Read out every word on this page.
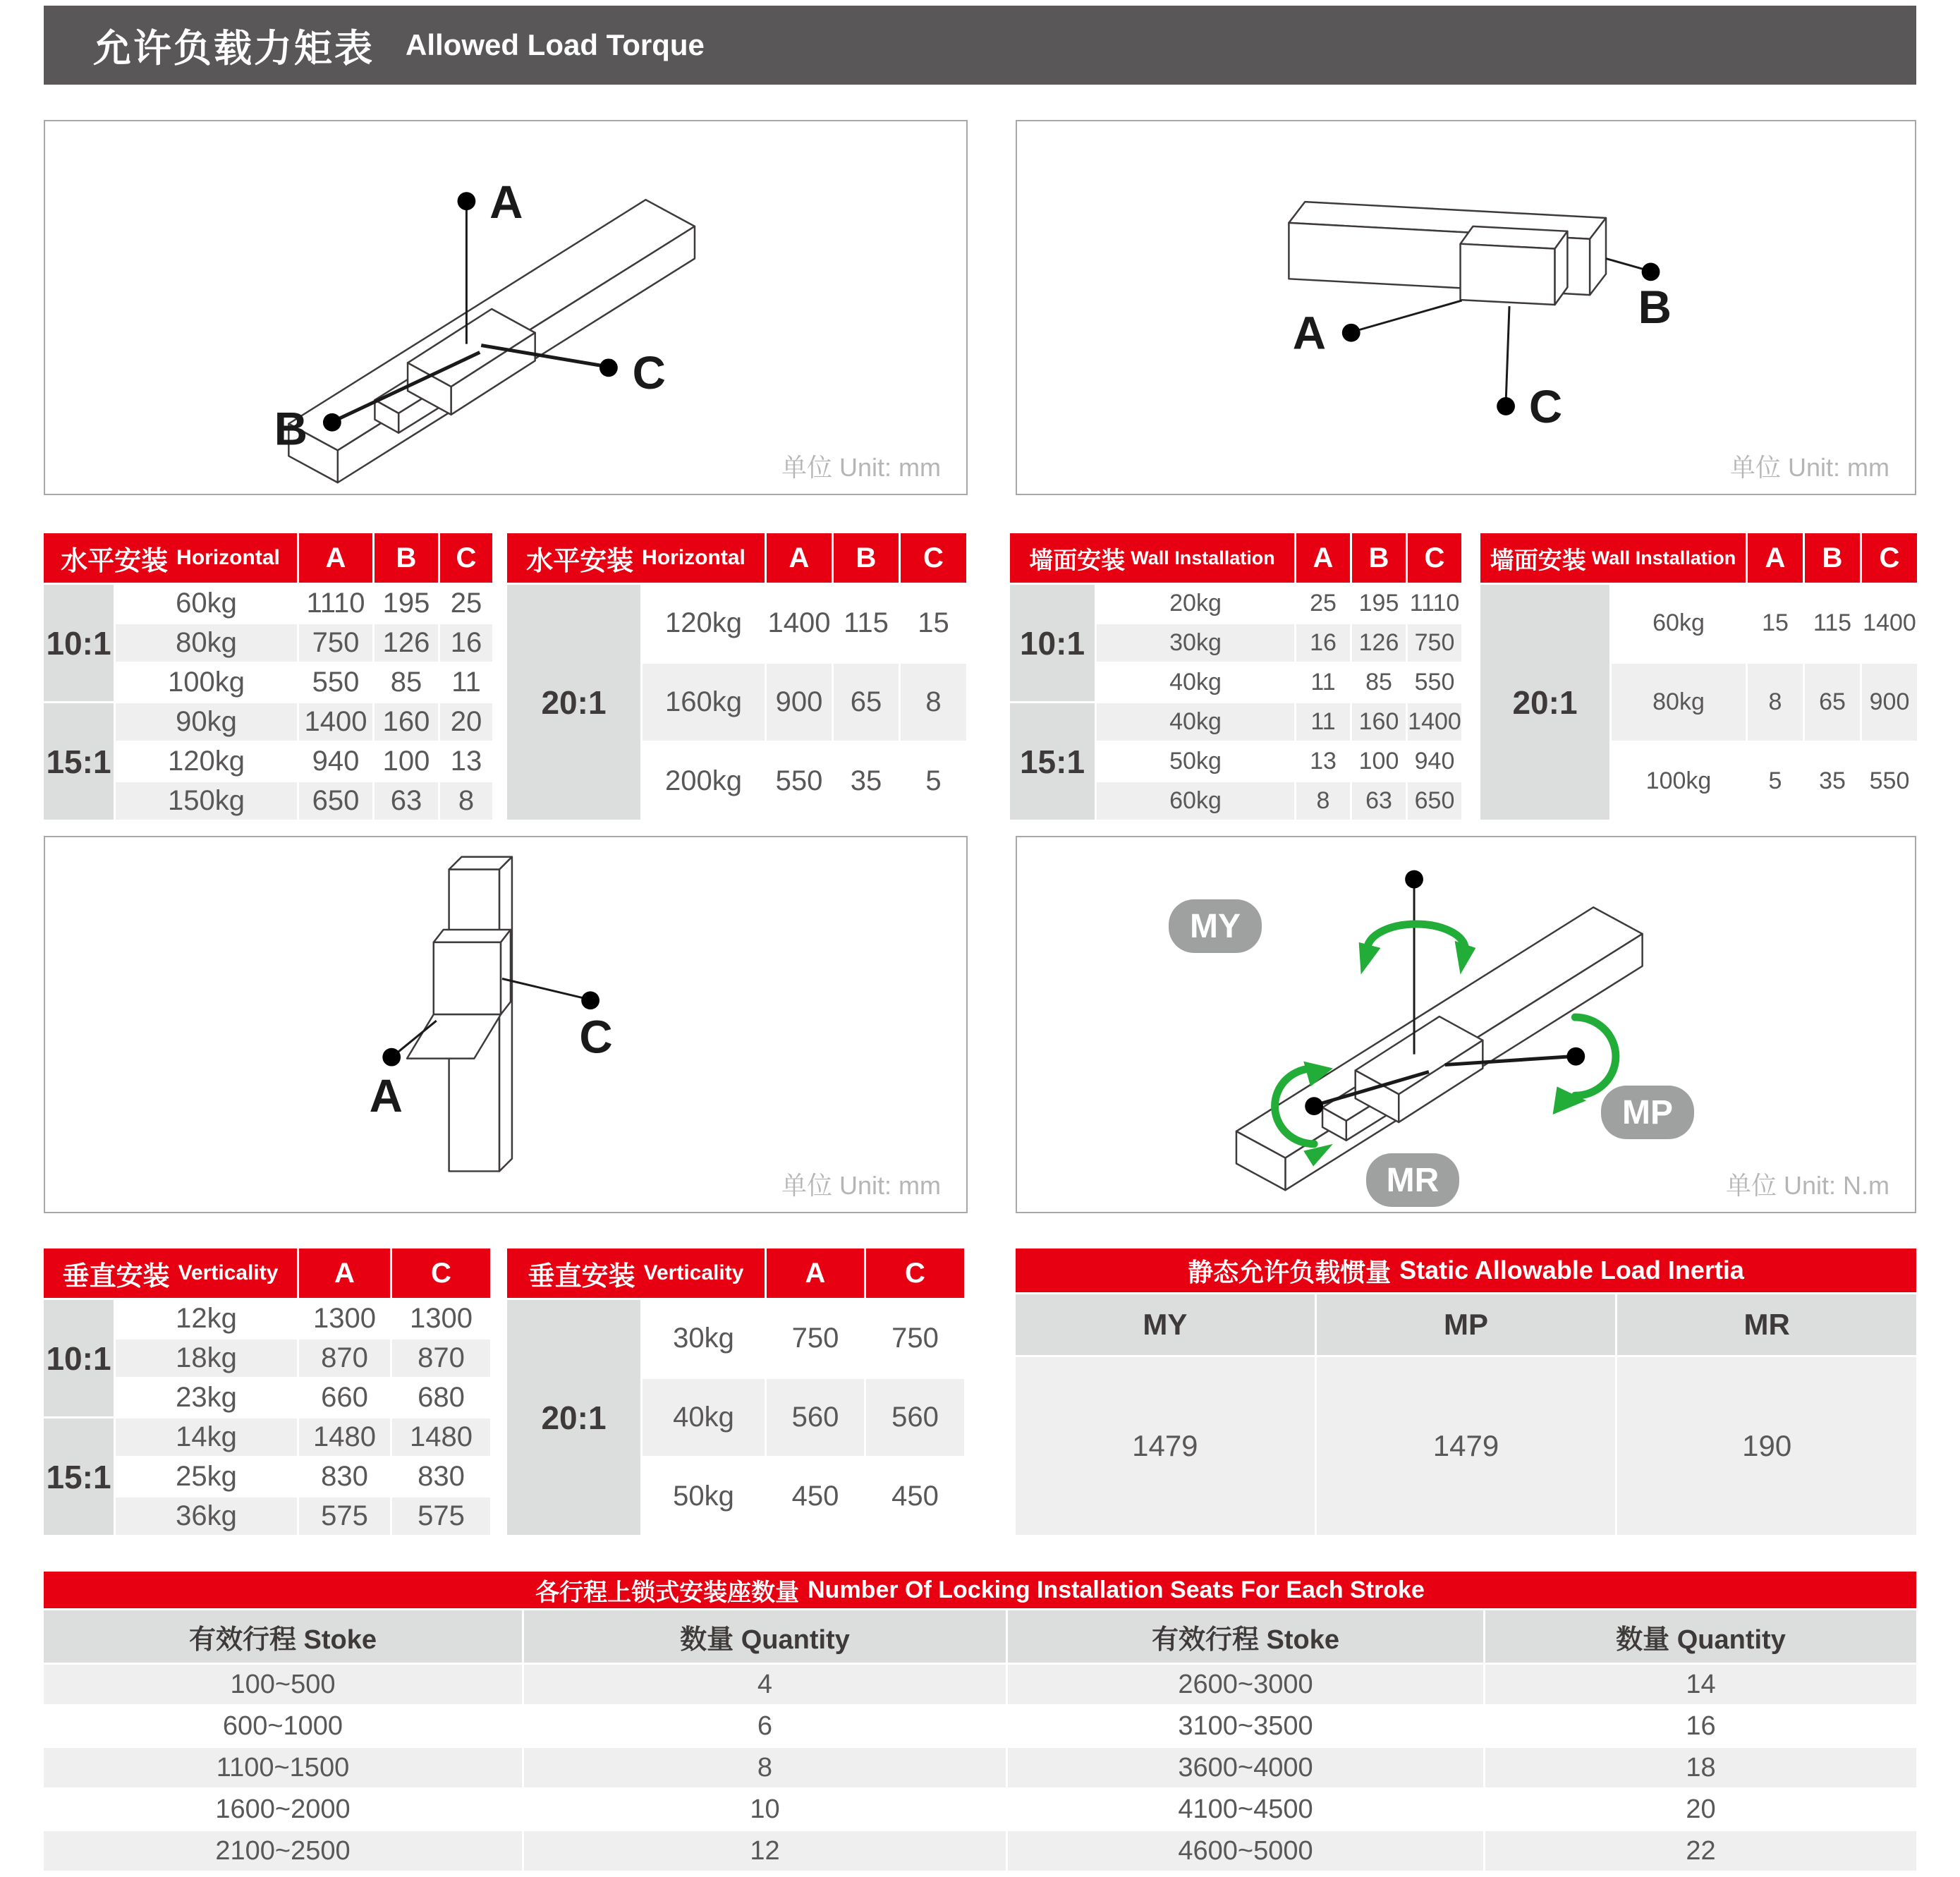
允许负载力矩表 Allowed Load Torque
A
B
C
单位 Unit: mm
A
B
C
单位 Unit: mm
水平安装 Horizontal	A	B	C
10:1
60kg	1110 195 25
80kg	750 126 16
100kg	550	85	11
15:1
90kg	1400 160 20
120kg	940 100 13
150kg	650	63	8
水平安装 Horizontal	A	B	C
20:1
120kg 1400 115	15
160kg	900 65	8
200kg	550 35	5
墙面安装 Wall Installation	A	B	C
10:1
20kg	25 195 1110
30kg	16 126 750
40kg	11	85 550
15:1
40kg	11 160 1400
50kg	13 100 940
60kg	8	63 650
墙面安装 Wall Installation	A	B	C
20:1
60kg	15	115 1400
80kg	8	65 900
100kg	5	35 550
A
C
单位 Unit: mm
MY
MP
MR	单位 Unit: N.m
垂直安装 Verticality	A	C
10:1
12kg	1300	1300
18kg	870	870
23kg	660	680
15:1
14kg	1480	1480
25kg	830	830
36kg	575	575
垂直安装 Verticality	A	C
20:1
30kg	750	750
40kg	560	560
50kg	450	450
静态允许负载惯量 Static Allowable Load Inertia
MY	MP	MR
1479	1479	190
各行程上锁式安装座数量 Number Of Locking Installation Seats For Each Stroke
有效行程 Stoke	数量 Quantity	有效行程 Stoke	数量 Quantity
100~500	4	2600~3000	14
600~1000	6	3100~3500	16
1100~1500	8	3600~4000	18
1600~2000	10	4100~4500	20
2100~2500	12	4600~5000	22
